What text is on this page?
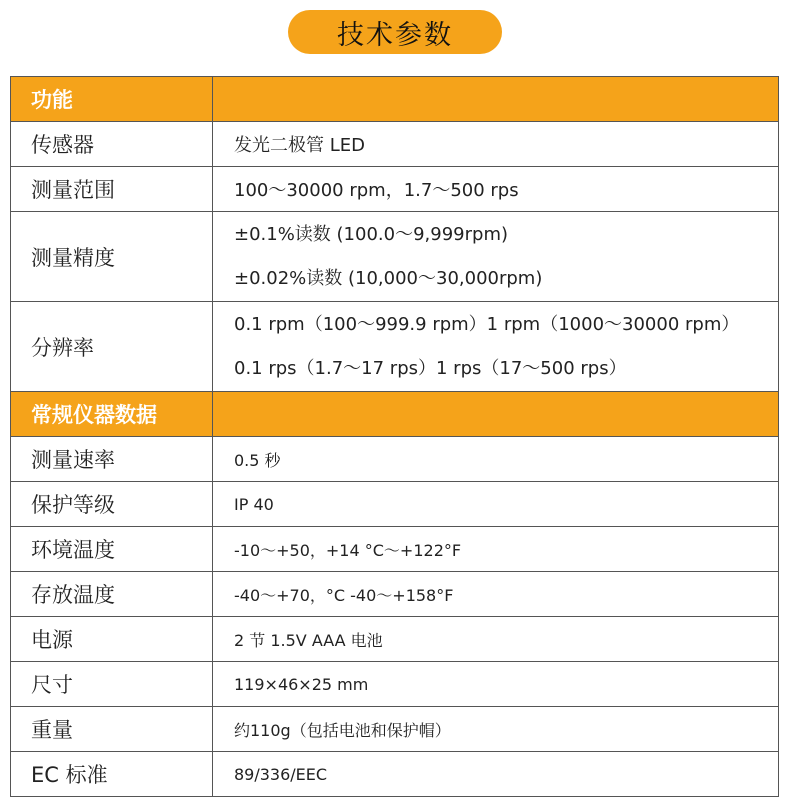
技术参数
功能	
传感器	发光二极管 LED
测量范围	100～30000 rpm，1.7～500 rps
测量精度	±0.1%读数 (100.0～9,999rpm)
±0.02%读数 (10,000～30,000rpm)

分辨率	0.1 rpm（100～999.9 rpm）1 rpm（1000～30000 rpm）
0.1 rps（1.7～17 rps）1 rps（17～500 rps）

常规仪器数据	
测量速率	0.5 秒
保护等级	IP 40
环境温度	-10～+50，+14 °C～+122°F
存放温度	-40～+70，°C -40～+158°F
电源	2 节 1.5V AAA 电池
尺寸	119×46×25 mm
重量	约110g（包括电池和保护帽）
EC 标准	89/336/EEC
